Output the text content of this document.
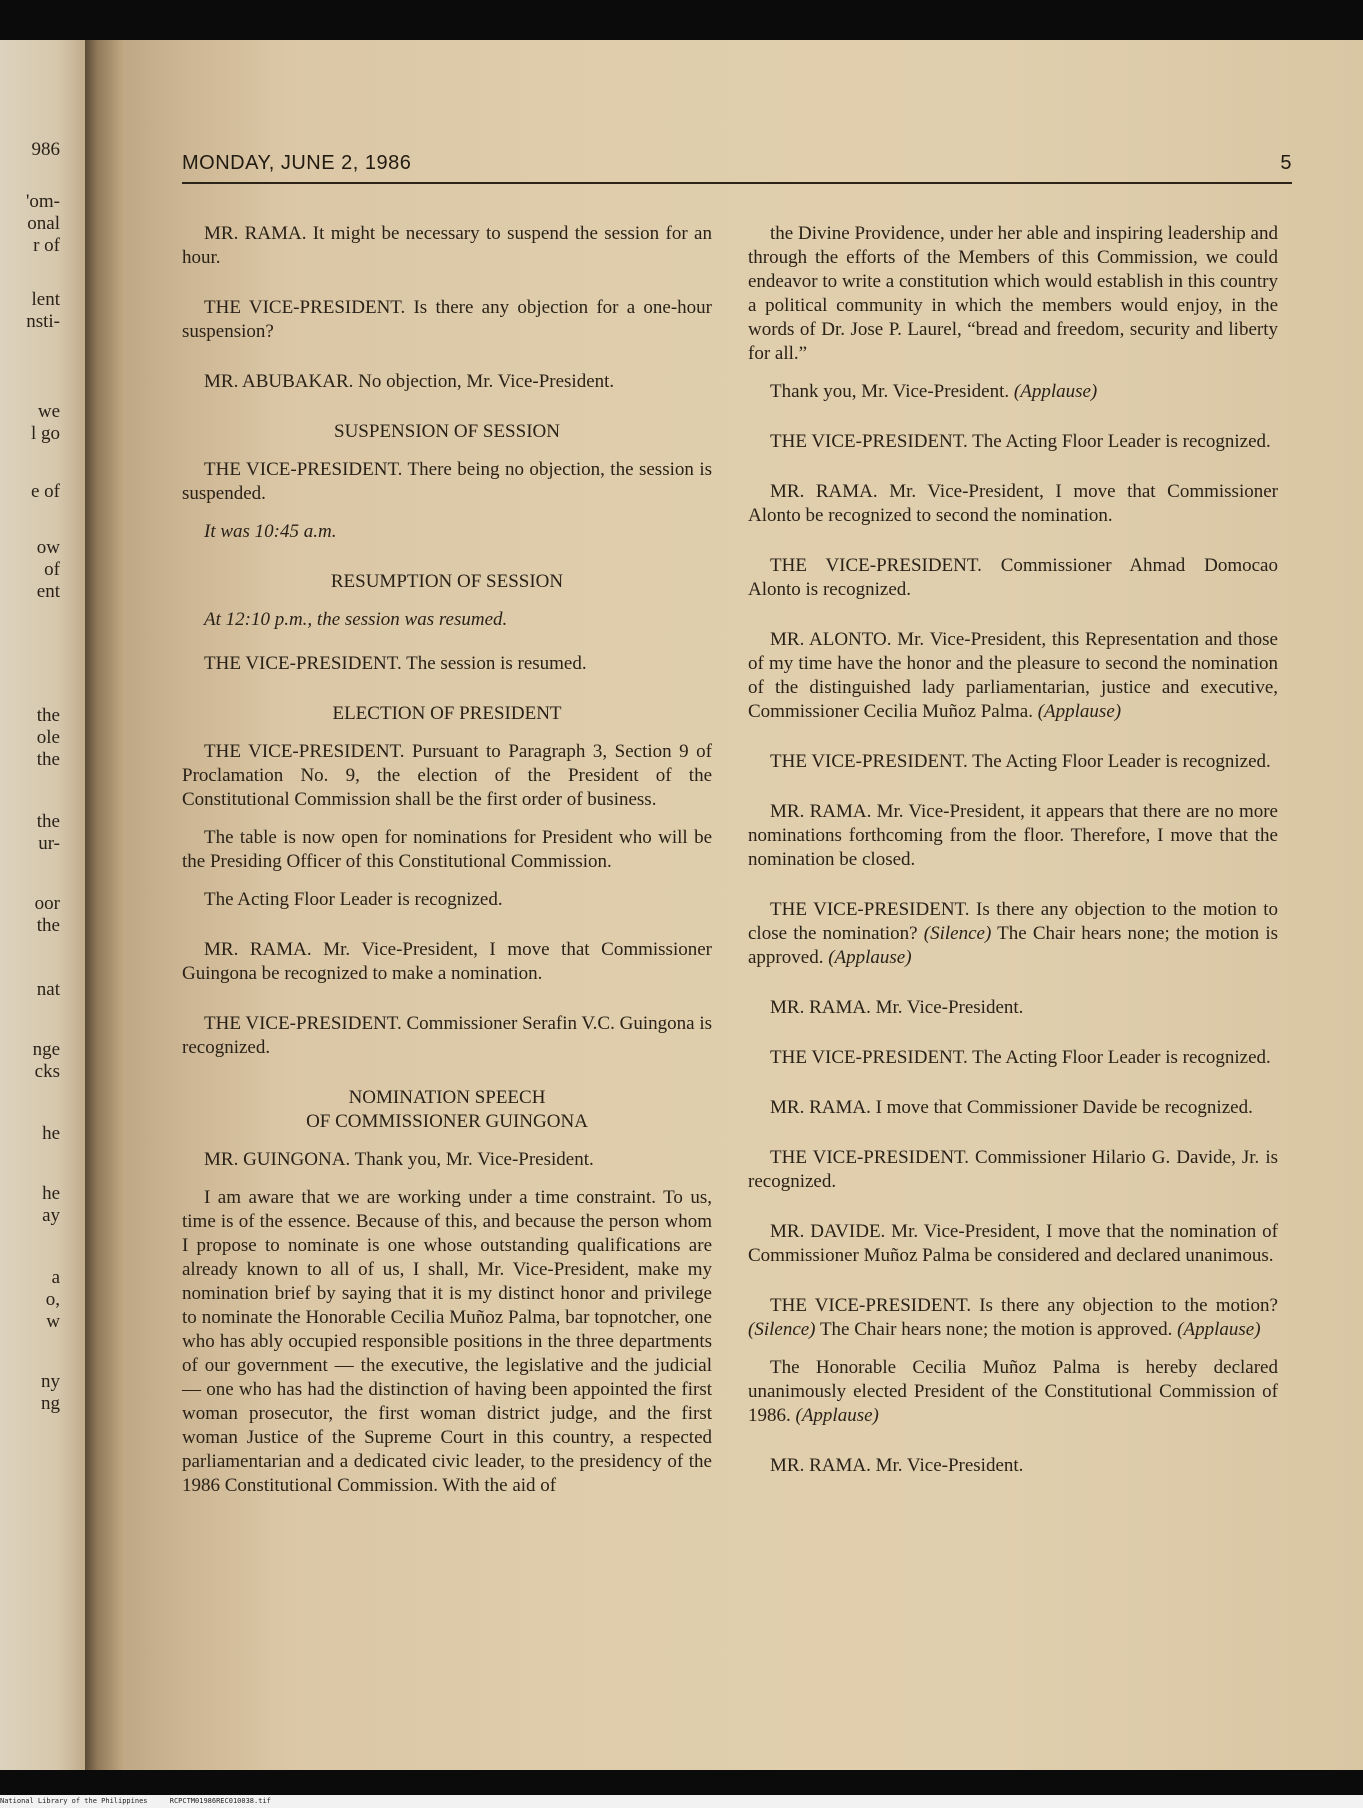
986
'om-
onal
r of
lent
nsti-
we
l go
e of
ow
of
ent
the
ole
the
the
ur-
oor
the
nat
nge
cks
he
he
ay
a
o,
w
ny
ng
MONDAY, JUNE 2, 1986	5

MR. RAMA. It might be necessary to suspend the session for an hour.

THE VICE-PRESIDENT. Is there any objection for a one-hour suspension?

MR. ABUBAKAR. No objection, Mr. Vice-President.

SUSPENSION OF SESSION

THE VICE-PRESIDENT. There being no objection, the session is suspended.

It was 10:45 a.m.

RESUMPTION OF SESSION

At 12:10 p.m., the session was resumed.

THE VICE-PRESIDENT. The session is resumed.

ELECTION OF PRESIDENT

THE VICE-PRESIDENT. Pursuant to Paragraph 3, Section 9 of Proclamation No. 9, the election of the President of the Constitutional Commission shall be the first order of business.

The table is now open for nominations for President who will be the Presiding Officer of this Constitutional Commission.

The Acting Floor Leader is recognized.

MR. RAMA. Mr. Vice-President, I move that Commissioner Guingona be recognized to make a nomination.

THE VICE-PRESIDENT. Commissioner Serafin V.C. Guingona is recognized.

NOMINATION SPEECH

OF COMMISSIONER GUINGONA

MR. GUINGONA. Thank you, Mr. Vice-President.

I am aware that we are working under a time constraint. To us, time is of the essence. Because of this, and because the person whom I propose to nominate is one whose outstanding qualifications are already known to all of us, I shall, Mr. Vice-President, make my nomination brief by saying that it is my distinct honor and privilege to nominate the Honorable Cecilia Muñoz Palma, bar topnotcher, one who has ably occupied responsible positions in the three departments of our government — the executive, the legislative and the judicial — one who has had the distinction of having been appointed the first woman prosecutor, the first woman district judge, and the first woman Justice of the Supreme Court in this country, a respected parliamentarian and a dedicated civic leader, to the presidency of the 1986 Constitutional Commission. With the aid of

the Divine Providence, under her able and inspiring leadership and through the efforts of the Members of this Commission, we could endeavor to write a constitution which would establish in this country a political community in which the members would enjoy, in the words of Dr. Jose P. Laurel, “bread and freedom, security and liberty for all.”

Thank you, Mr. Vice-President. (Applause)

THE VICE-PRESIDENT. The Acting Floor Leader is recognized.

MR. RAMA. Mr. Vice-President, I move that Commissioner Alonto be recognized to second the nomination.

THE VICE-PRESIDENT. Commissioner Ahmad Domocao Alonto is recognized.

MR. ALONTO. Mr. Vice-President, this Representation and those of my time have the honor and the pleasure to second the nomination of the distinguished lady parliamentarian, justice and executive, Commissioner Cecilia Muñoz Palma. (Applause)

THE VICE-PRESIDENT. The Acting Floor Leader is recognized.

MR. RAMA. Mr. Vice-President, it appears that there are no more nominations forthcoming from the floor. Therefore, I move that the nomination be closed.

THE VICE-PRESIDENT. Is there any objection to the motion to close the nomination? (Silence) The Chair hears none; the motion is approved. (Applause)

MR. RAMA. Mr. Vice-President.

THE VICE-PRESIDENT. The Acting Floor Leader is recognized.

MR. RAMA. I move that Commissioner Davide be recognized.

THE VICE-PRESIDENT. Commissioner Hilario G. Davide, Jr. is recognized.

MR. DAVIDE. Mr. Vice-President, I move that the nomination of Commissioner Muñoz Palma be considered and declared unanimous.

THE VICE-PRESIDENT. Is there any objection to the motion? (Silence) The Chair hears none; the motion is approved. (Applause)

The Honorable Cecilia Muñoz Palma is hereby declared unanimously elected President of the Constitutional Commission of 1986. (Applause)

MR. RAMA. Mr. Vice-President.

National Library of the Philippines	RCPCTM01986REC010038.tif
